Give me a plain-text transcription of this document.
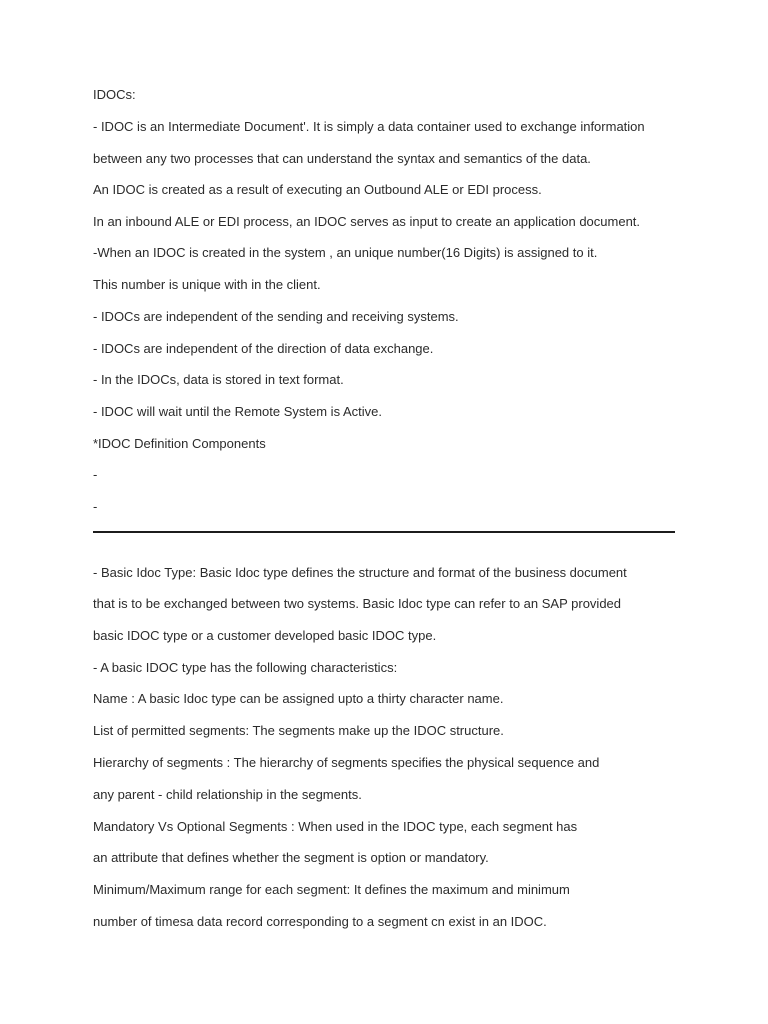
IDOCs:

- IDOC is an Intermediate Document'. It is simply a data container used to exchange information

between any two processes that can understand the syntax and semantics of the data.

An IDOC is created as a result of executing an Outbound ALE or EDI process.

In an inbound ALE or EDI process, an IDOC serves as input to create an application document.

-When an IDOC is created in the system , an unique number(16 Digits) is assigned to it.

This number is unique with in the client.

- IDOCs are independent of the sending and receiving systems.

- IDOCs are independent of the direction of data exchange.

- In the IDOCs, data is stored in text format.

- IDOC will wait until the Remote System is Active.

*IDOC Definition Components

-

-

- Basic Idoc Type: Basic Idoc type defines the structure and format of the business document

that is to be exchanged between two systems. Basic Idoc type can refer to an SAP provided

basic IDOC type or a customer developed basic IDOC type.

- A basic IDOC type has the following characteristics:

Name : A basic Idoc type can be assigned upto a thirty character name.

List of permitted segments: The segments make up the IDOC structure.

Hierarchy of segments : The hierarchy of segments specifies the physical sequence and

any parent - child relationship in the segments.

Mandatory Vs Optional Segments : When used in the IDOC type, each segment has

an attribute that defines whether the segment is option or mandatory.

Minimum/Maximum range for each segment: It defines the maximum and minimum

number of timesa data record corresponding to a segment cn exist in an IDOC.
